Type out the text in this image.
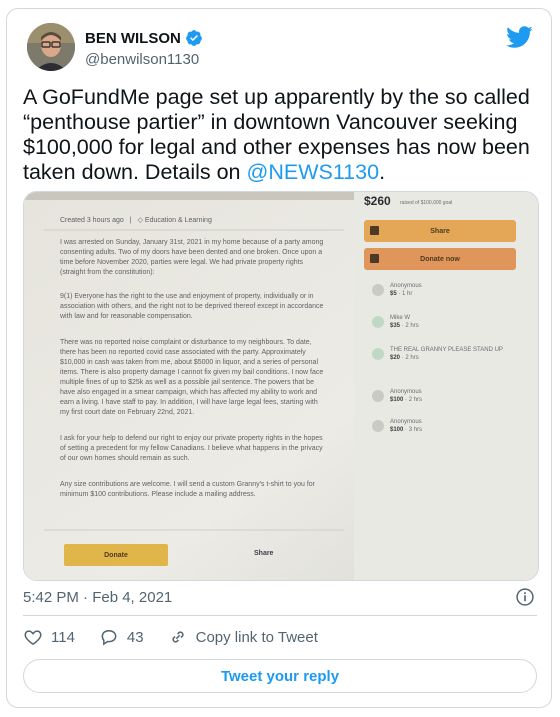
BEN WILSON
@benwilson1130
A GoFundMe page set up apparently by the so called “penthouse partier” in downtown Vancouver seeking $100,000 for legal and other expenses has now been taken down. Details on @NEWS1130.
Created 3 hours ago | ◇ Education & Learning
I was arrested on Sunday, January 31st, 2021 in my home because of a party among consenting adults. Two of my doors have been dented and one broken. Once upon a time before November 2020, parties were legal. We had private property rights (straight from the constitution):
9(1) Everyone has the right to the use and enjoyment of property, individually or in association with others, and the right not to be deprived thereof except in accordance with law and for reasonable compensation.
There was no reported noise complaint or disturbance to my neighbours. To date, there has been no reported covid case associated with the party. Approximately $10,000 in cash was taken from me, about $5000 in liquor, and a series of personal items. There is also property damage I cannot fix given my bail conditions. I now face multiple fines of up to $25k as well as a possible jail sentence. The powers that be have also engaged in a smear campaign, which has affected my ability to work and earn a living. I have staff to pay. In addition, I will have large legal fees, starting with my first court date on February 22nd, 2021.
I ask for your help to defend our right to enjoy our private property rights in the hopes of setting a precedent for my fellow Canadians. I believe what happens in the privacy of our own homes should remain as such.
Any size contributions are welcome. I will send a custom Granny's t-shirt to you for minimum $100 contributions. Please include a mailing address.
$260 raised of $100,000 goal
Share
Donate now
Anonymous
$5 · 1 hr
Mike W
$35 · 2 hrs
THE REAL GRANNY PLEASE STAND UP
$20 · 2 hrs
Anonymous
$100 · 2 hrs
Anonymous
$100 · 3 hrs
Donate	Share
5:42 PM · Feb 4, 2021
114	43	Copy link to Tweet
Tweet your reply
